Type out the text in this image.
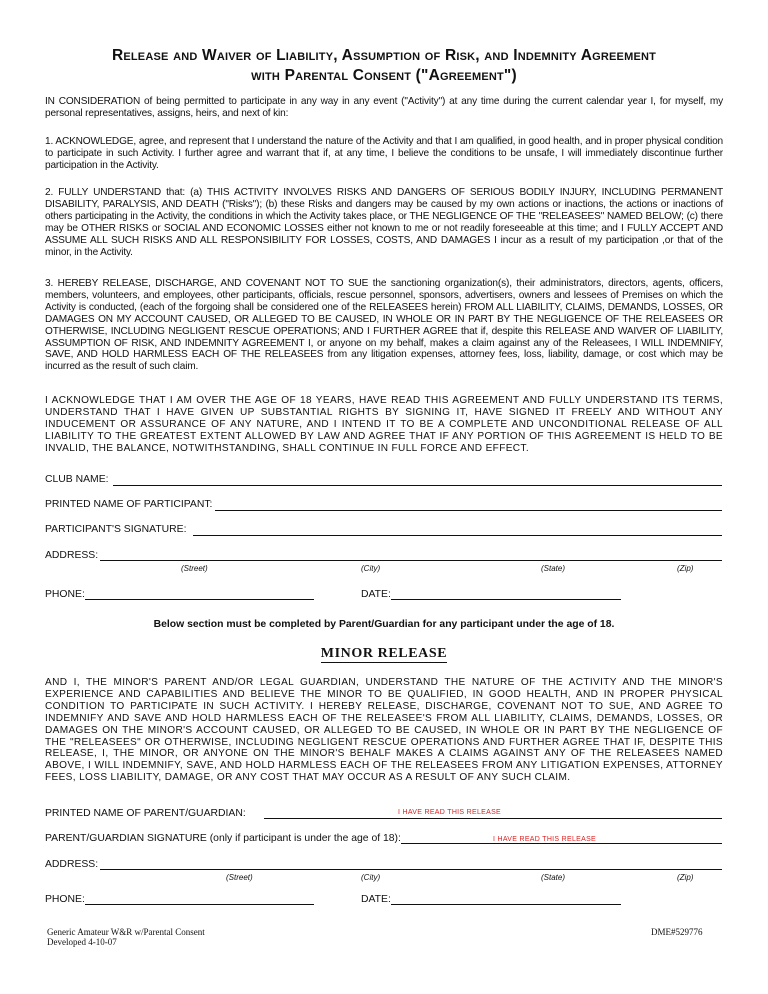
Release and Waiver of Liability, Assumption of Risk, and Indemnity Agreement
with Parental Consent ("Agreement")
IN CONSIDERATION of being permitted to participate in any way in any event ("Activity") at any time during the current calendar year I, for myself, my personal representatives, assigns, heirs, and next of kin:
1. ACKNOWLEDGE, agree, and represent that I understand the nature of the Activity and that I am qualified, in good health, and in proper physical condition to participate in such Activity. I further agree and warrant that if, at any time, I believe the conditions to be unsafe, I will immediately discontinue further participation in the Activity.
2. FULLY UNDERSTAND that: (a) THIS ACTIVITY INVOLVES RISKS AND DANGERS OF SERIOUS BODILY INJURY, INCLUDING PERMANENT DISABILITY, PARALYSIS, AND DEATH ("Risks"); (b) these Risks and dangers may be caused by my own actions or inactions, the actions or inactions of others participating in the Activity, the conditions in which the Activity takes place, or THE NEGLIGENCE OF THE "RELEASEES" NAMED BELOW; (c) there may be OTHER RISKS or SOCIAL AND ECONOMIC LOSSES either not known to me or not readily foreseeable at this time; and I FULLY ACCEPT AND ASSUME ALL SUCH RISKS AND ALL RESPONSIBILITY FOR LOSSES, COSTS, AND DAMAGES I incur as a result of my participation ,or that of the minor, in the Activity.
3. HEREBY RELEASE, DISCHARGE, AND COVENANT NOT TO SUE the sanctioning organization(s), their administrators, directors, agents, officers, members, volunteers, and employees, other participants, officials, rescue personnel, sponsors, advertisers, owners and lessees of Premises on which the Activity is conducted, (each of the forgoing shall be considered one of the RELEASEES herein) FROM ALL LIABILITY, CLAIMS, DEMANDS, LOSSES, OR DAMAGES ON MY ACCOUNT CAUSED, OR ALLEGED TO BE CAUSED, IN WHOLE OR IN PART BY THE NEGLIGENCE OF THE RELEASEES OR OTHERWISE, INCLUDING NEGLIGENT RESCUE OPERATIONS; AND I FURTHER AGREE that if, despite this RELEASE AND WAIVER OF LIABILITY, ASSUMPTION OF RISK, AND INDEMNITY AGREEMENT I, or anyone on my behalf, makes a claim against any of the Releasees, I WILL INDEMNIFY, SAVE, AND HOLD HARMLESS EACH OF THE RELEASEES from any litigation expenses, attorney fees, loss, liability, damage, or cost which may be incurred as the result of such claim.
I ACKNOWLEDGE THAT I AM OVER THE AGE OF 18 YEARS, HAVE READ THIS AGREEMENT AND FULLY UNDERSTAND ITS TERMS, UNDERSTAND THAT I HAVE GIVEN UP SUBSTANTIAL RIGHTS BY SIGNING IT, HAVE SIGNED IT FREELY AND WITHOUT ANY INDUCEMENT OR ASSURANCE OF ANY NATURE, AND I INTEND IT TO BE A COMPLETE AND UNCONDITIONAL RELEASE OF ALL LIABILITY TO THE GREATEST EXTENT ALLOWED BY LAW AND AGREE THAT IF ANY PORTION OF THIS AGREEMENT IS HELD TO BE INVALID, THE BALANCE, NOTWITHSTANDING, SHALL CONTINUE IN FULL FORCE AND EFFECT.
CLUB NAME:
PRINTED NAME OF PARTICIPANT:
PARTICIPANT'S SIGNATURE:
ADDRESS:
(Street)	(City)	(State)	(Zip)
PHONE:	DATE:
Below section must be completed by Parent/Guardian for any participant under the age of 18.
MINOR RELEASE
AND I, THE MINOR'S PARENT AND/OR LEGAL GUARDIAN, UNDERSTAND THE NATURE OF THE ACTIVITY AND THE MINOR'S EXPERIENCE AND CAPABILITIES AND BELIEVE THE MINOR TO BE QUALIFIED, IN GOOD HEALTH, AND IN PROPER PHYSICAL CONDITION TO PARTICIPATE IN SUCH ACTIVITY. I HEREBY RELEASE, DISCHARGE, COVENANT NOT TO SUE, AND AGREE TO INDEMNIFY AND SAVE AND HOLD HARMLESS EACH OF THE RELEASEE'S FROM ALL LIABILITY, CLAIMS, DEMANDS, LOSSES, OR DAMAGES ON THE MINOR'S ACCOUNT CAUSED, OR ALLEGED TO BE CAUSED, IN WHOLE OR IN PART BY THE NEGLIGENCE OF THE "RELEASEES" OR OTHERWISE, INCLUDING NEGLIGENT RESCUE OPERATIONS AND FURTHER AGREE THAT IF, DESPITE THIS RELEASE, I, THE MINOR, OR ANYONE ON THE MINOR'S BEHALF MAKES A CLAIMS AGAINST ANY OF THE RELEASEES NAMED ABOVE, I WILL INDEMNIFY, SAVE, AND HOLD HARMLESS EACH OF THE RELEASEES FROM ANY LITIGATION EXPENSES, ATTORNEY FEES, LOSS LIABILITY, DAMAGE, OR ANY COST THAT MAY OCCUR AS A RESULT OF ANY SUCH CLAIM.
PRINTED NAME OF PARENT/GUARDIAN:	I HAVE READ THIS RELEASE
PARENT/GUARDIAN SIGNATURE (only if participant is under the age of 18):	I HAVE READ THIS RELEASE
ADDRESS:
(Street)	(City)	(State)	(Zip)
PHONE:	DATE:
Generic Amateur W&R w/Parental Consent
Developed 4-10-07
DME#529776
